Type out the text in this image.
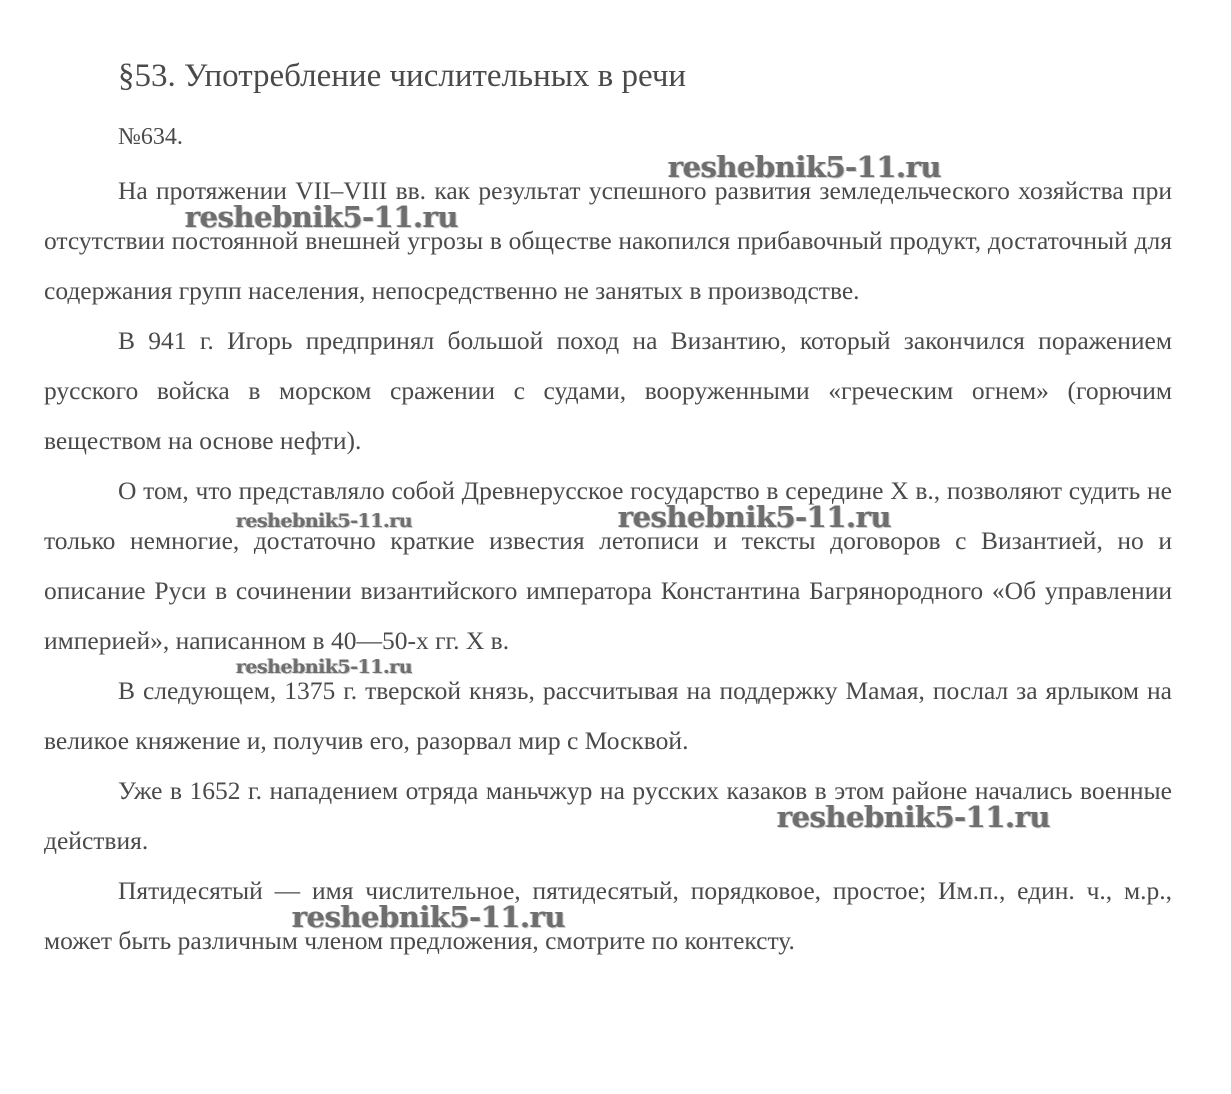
§53. Употребление числительных в речи
№634.

На протяжении VII–VIII вв. как результат успешного развития земледельческого хозяйства при отсутствии постоянной внешней угрозы в обществе накопился прибавочный продукт, достаточный для содержания групп населения, непосредственно не занятых в производстве.

В 941 г. Игорь предпринял большой поход на Византию, который закончился поражением русского войска в морском сражении с судами, вооруженными «греческим огнем» (горючим веществом на основе нефти).

О том, что представляло собой Древнерусское государство в середине X в., позволяют судить не только немногие, достаточно краткие известия летописи и тексты договоров с Византией, но и описание Руси в сочинении византийского императора Константина Багрянородного «Об управлении империей», написанном в 40—50-х гг. X в.

В следующем, 1375 г. тверской князь, рассчитывая на поддержку Мамая, послал за ярлыком на великое княжение и, получив его, разорвал мир с Москвой.

Уже в 1652 г. нападением отряда маньчжур на русских казаков в этом районе начались военные действия.

Пятидесятый — имя числительное, пятидесятый, порядковое, простое; Им.п., един. ч., м.р., может быть различным членом предложения, смотрите по контексту.

reshebnik5-11.ru
reshebnik5-11.ru
reshebnik5-11.ru	reshebnik5-11.ru
reshebnik5-11.ru
reshebnik5-11.ru
reshebnik5-11.ru
